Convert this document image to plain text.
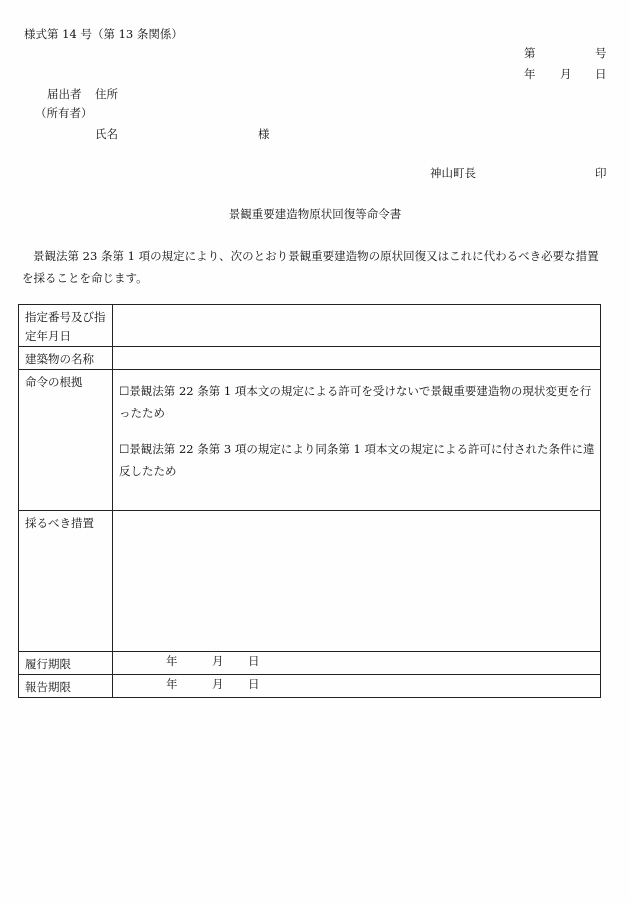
様式第 14 号（第 13 条関係）
第	号
年 月 日
届出者 住所
（所有者）
氏名	様
神山町長	印
景観重要建造物原状回復等命令書
景観法第 23 条第 1 項の規定により、次のとおり景観重要建造物の原状回復又はこれに代わるべき必要な措置を採ることを命じます。
指定番号及び指定年月日	
建築物の名称	
命令の根拠	☐景観法第 22 条第 1 項本文の規定による許可を受けないで景観重要建造物の現状変更を行ったため

☐景観法第 22 条第 3 項の規定により同条第 1 項本文の規定による許可に付された条件に違反したため

採るべき措置	
履行期限	年 月 日

報告期限	年 月 日
